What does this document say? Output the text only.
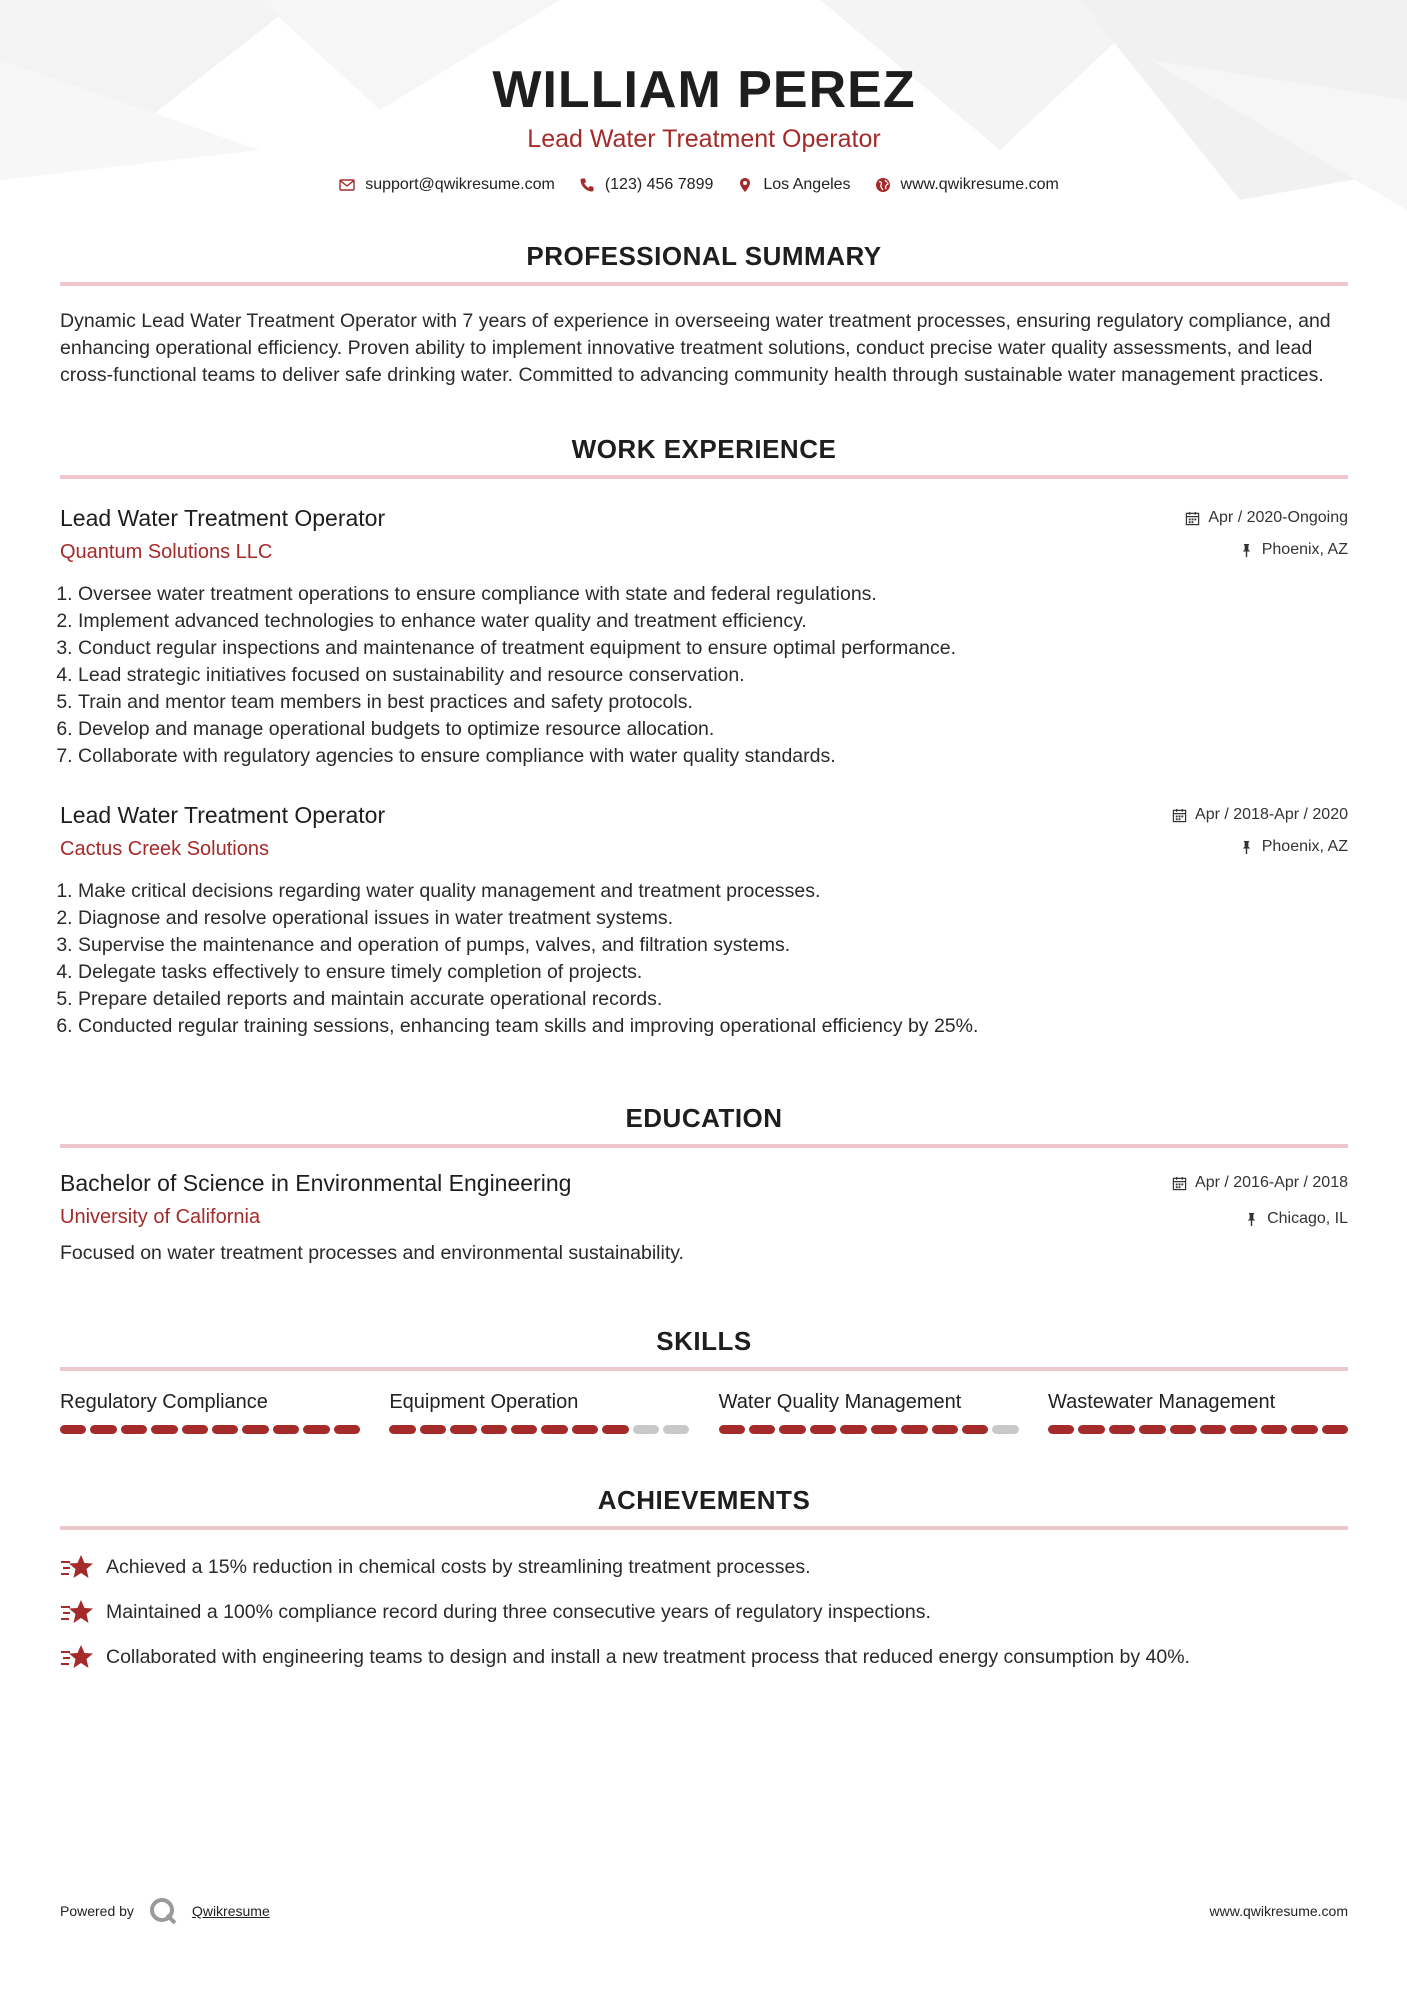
WILLIAM PEREZ
Lead Water Treatment Operator
support@qwikresume.com	(123) 456 7899	Los Angeles	www.qwikresume.com
PROFESSIONAL SUMMARY
Dynamic Lead Water Treatment Operator with 7 years of experience in overseeing water treatment processes, ensuring regulatory compliance, and enhancing operational efficiency. Proven ability to implement innovative treatment solutions, conduct precise water quality assessments, and lead cross-functional teams to deliver safe drinking water. Committed to advancing community health through sustainable water management practices.
WORK EXPERIENCE
Lead Water Treatment Operator
Quantum Solutions LLC
Apr / 2020-Ongoing
Phoenix, AZ
1. Oversee water treatment operations to ensure compliance with state and federal regulations.
2. Implement advanced technologies to enhance water quality and treatment efficiency.
3. Conduct regular inspections and maintenance of treatment equipment to ensure optimal performance.
4. Lead strategic initiatives focused on sustainability and resource conservation.
5. Train and mentor team members in best practices and safety protocols.
6. Develop and manage operational budgets to optimize resource allocation.
7. Collaborate with regulatory agencies to ensure compliance with water quality standards.
Lead Water Treatment Operator
Cactus Creek Solutions
Apr / 2018-Apr / 2020
Phoenix, AZ
1. Make critical decisions regarding water quality management and treatment processes.
2. Diagnose and resolve operational issues in water treatment systems.
3. Supervise the maintenance and operation of pumps, valves, and filtration systems.
4. Delegate tasks effectively to ensure timely completion of projects.
5. Prepare detailed reports and maintain accurate operational records.
6. Conducted regular training sessions, enhancing team skills and improving operational efficiency by 25%.
EDUCATION
Bachelor of Science in Environmental Engineering
University of California
Apr / 2016-Apr / 2018
Chicago, IL
Focused on water treatment processes and environmental sustainability.
SKILLS
Regulatory Compliance	Equipment Operation	Water Quality Management	Wastewater Management
ACHIEVEMENTS
Achieved a 15% reduction in chemical costs by streamlining treatment processes.
Maintained a 100% compliance record during three consecutive years of regulatory inspections.
Collaborated with engineering teams to design and install a new treatment process that reduced energy consumption by 40%.
Powered by	Qwikresume	www.qwikresume.com
